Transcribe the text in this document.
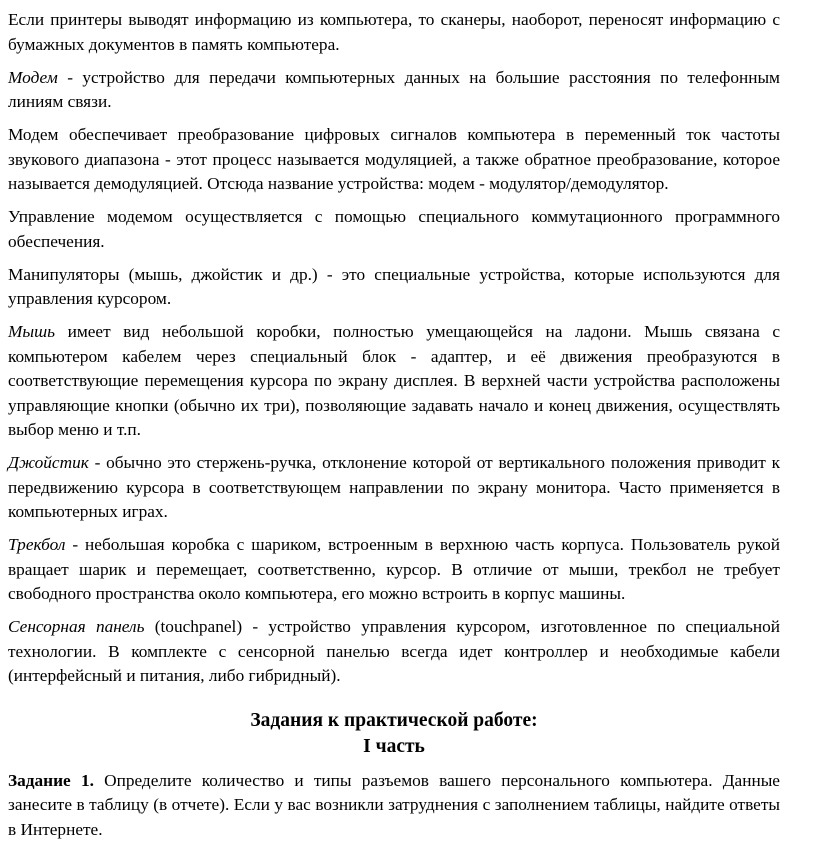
Если принтеры выводят информацию из компьютера, то сканеры, наоборот, переносят информацию с бумажных документов в память компьютера.

Модем - устройство для передачи компьютерных данных на большие расстояния по телефонным линиям связи.

Модем обеспечивает преобразование цифровых сигналов компьютера в переменный ток частоты звукового диапазона - этот процесс называется модуляцией, а также обратное преобразование, которое называется демодуляцией. Отсюда название устройства: модем - модулятор/демодулятор.

Управление модемом осуществляется с помощью специального коммутационного программного обеспечения.

Манипуляторы (мышь, джойстик и др.) - это специальные устройства, которые используются для управления курсором.

Мышь имеет вид небольшой коробки, полностью умещающейся на ладони. Мышь связана с компьютером кабелем через специальный блок - адаптер, и её движения преобразуются в соответствующие перемещения курсора по экрану дисплея. В верхней части устройства расположены управляющие кнопки (обычно их три), позволяющие задавать начало и конец движения, осуществлять выбор меню и т.п.

Джойстик - обычно это стержень-ручка, отклонение которой от вертикального положения приводит к передвижению курсора в соответствующем направлении по экрану монитора. Часто применяется в компьютерных играх.

Трекбол - небольшая коробка с шариком, встроенным в верхнюю часть корпуса. Пользователь рукой вращает шарик и перемещает, соответственно, курсор. В отличие от мыши, трекбол не требует свободного пространства около компьютера, его можно встроить в корпус машины.

Сенсорная панель (touchpanel) - устройство управления курсором, изготовленное по специальной технологии. В комплекте с сенсорной панелью всегда идет контроллер и необходимые кабели (интерфейсный и питания, либо гибридный).

Задания к практической работе:
I часть

Задание 1. Определите количество и типы разъемов вашего персонального компьютера. Данные занесите в таблицу (в отчете). Если у вас возникли затруднения с заполнением таблицы, найдите ответы в Интернете.
